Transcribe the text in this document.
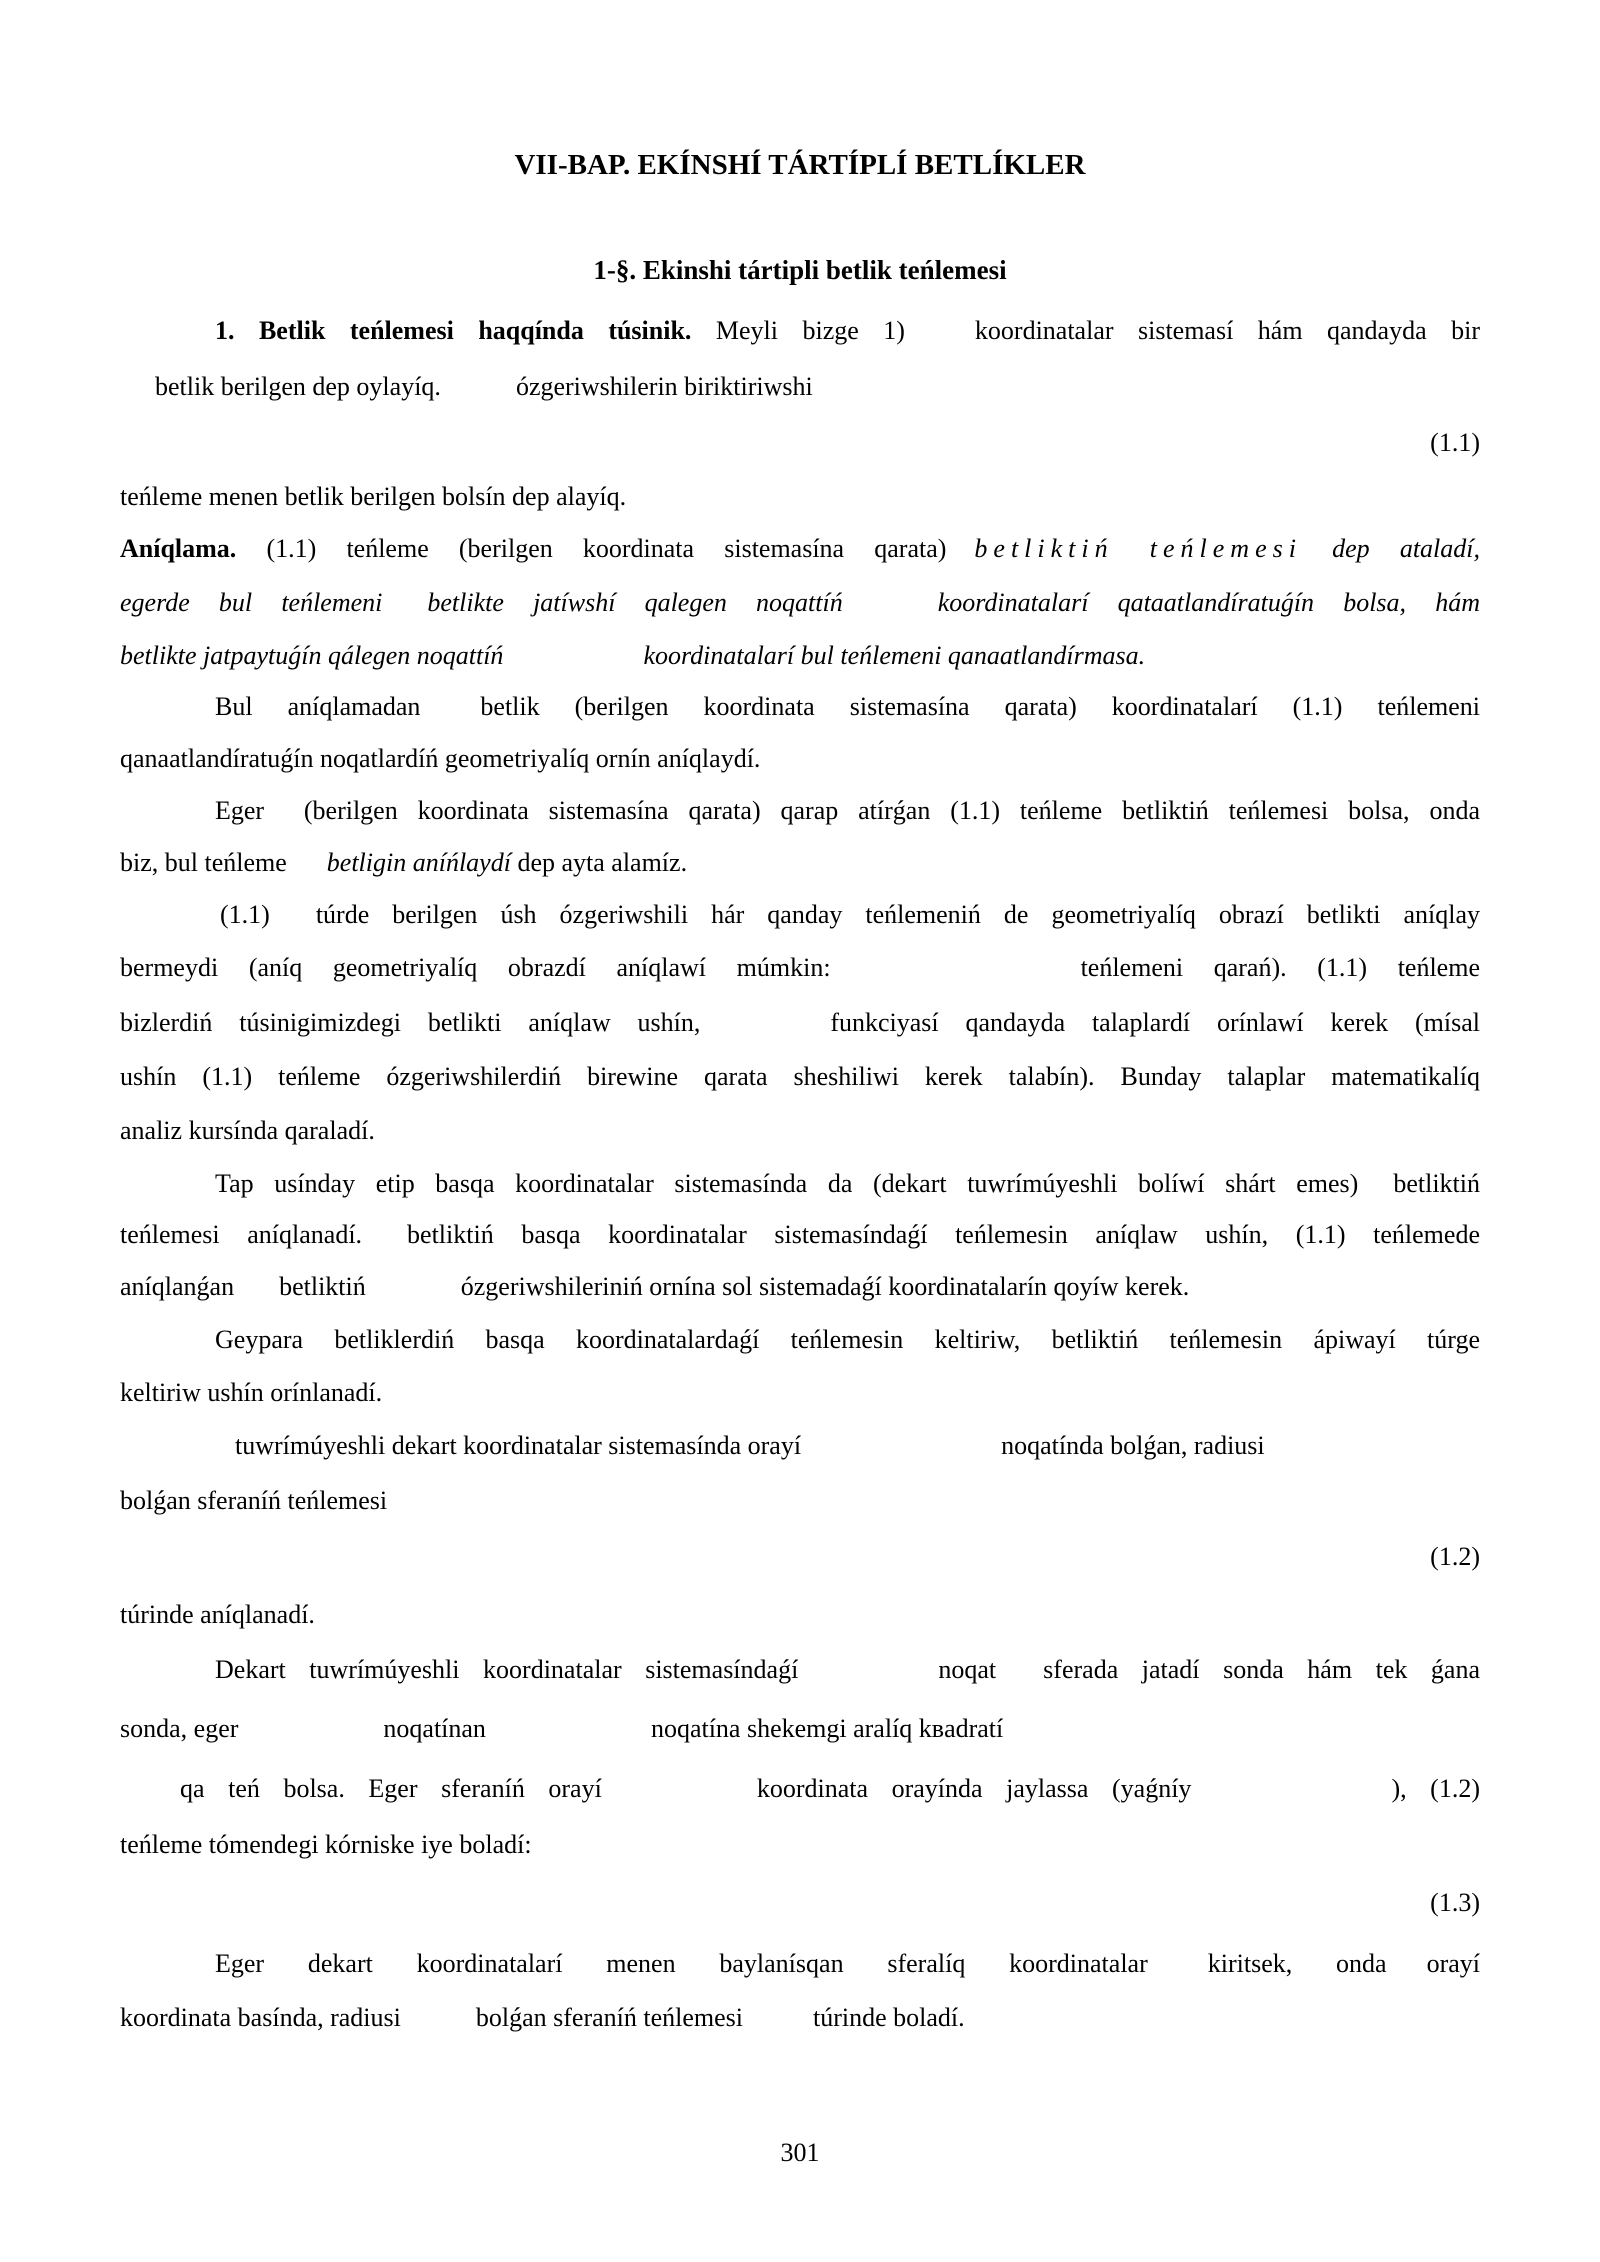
VII-BAP. EKÍNSHÍ TÁRTÍPLÍ BETLÍKLER
1-§. Ekinshi tártipli betlik teńlemesi
1. Betlik teńlemesi haqqínda túsinik. Meyli bizge 1)	koordinatalar sistemasí hám qandayda bir
betlik berilgen dep oylayíq.	ózgeriwshilerin biriktiriwshi
(1.1)
teńleme menen betlik berilgen bolsín dep alayíq.
Aníqlama. (1.1) teńleme (berilgen koordinata sistemasína qarata) betliktiń teńlemesi dep ataladí,
egerde bul teńlemeni betlikte jatíwshí qalegen noqattíń	koordinatalarí qataatlandíratuǵín bolsa, hám
betlikte jatpaytuǵín qálegen noqattíń	koordinatalarí bul teńlemeni qanaatlandírmasa.
Bul aníqlamadan betlik (berilgen koordinata sistemasína qarata) koordinatalarí (1.1) teńlemeni
qanaatlandíratuǵín noqatlardíń geometriyalíq ornín aníqlaydí.
Eger  (berilgen koordinata sistemasína qarata) qarap atírǵan (1.1) teńleme betliktiń teńlemesi bolsa, onda
biz, bul teńleme betligin aníńlaydí dep ayta alamíz.
(1.1)  túrde berilgen úsh ózgeriwshili hár qanday teńlemeniń de geometriyalíq obrazí betlikti aníqlay
bermeydi (aníq geometriyalíq obrazdí aníqlawí múmkin:	teńlemeni qarań). (1.1) teńleme
bizlerdiń túsinigimizdegi betlikti aníqlaw ushín,	funkciyasí qandayda talaplardí orínlawí kerek (mísal
ushín (1.1) teńleme ózgeriwshilerdiń birewine qarata sheshiliwi kerek talabín). Bunday talaplar matematikalíq
analiz kursínda qaraladí.
Tap usínday etip basqa koordinatalar sistemasínda da (dekart tuwrímúyeshli bolíwí shárt emes) betliktiń
teńlemesi aníqlanadí. betliktiń basqa koordinatalar sistemasíndaǵí teńlemesin aníqlaw ushín, (1.1) teńlemede
aníqlanǵan betliktiń	ózgeriwshileriniń ornína sol sistemadaǵí koordinatalarín qoyíw kerek.
Geypara betliklerdiń basqa koordinatalardaǵí teńlemesin keltiriw, betliktiń teńlemesin ápiwayí túrge
keltiriw ushín orínlanadí.
tuwrímúyeshli dekart koordinatalar sistemasínda orayí	noqatínda bolǵan, radiusi
bolǵan sferaníń teńlemesi
(1.2)
túrinde aníqlanadí.
Dekart tuwrímúyeshli koordinatalar sistemasíndaǵí	noqat  sferada jatadí sonda hám tek ǵana
sonda, eger	noqatínan	noqatína shekemgi aralíq kвadratí
qa teń bolsa. Eger sferaníń orayí	koordinata orayínda jaylassa (yaǵníy	), (1.2)
teńleme tómendegi kórniske iye boladí:
(1.3)
Eger dekart koordinatalarí menen baylanísqan sferalíq koordinatalar kiritsek, onda orayí
koordinata basínda, radiusi	bolǵan sferaníń teńlemesi	túrinde boladí.
301
